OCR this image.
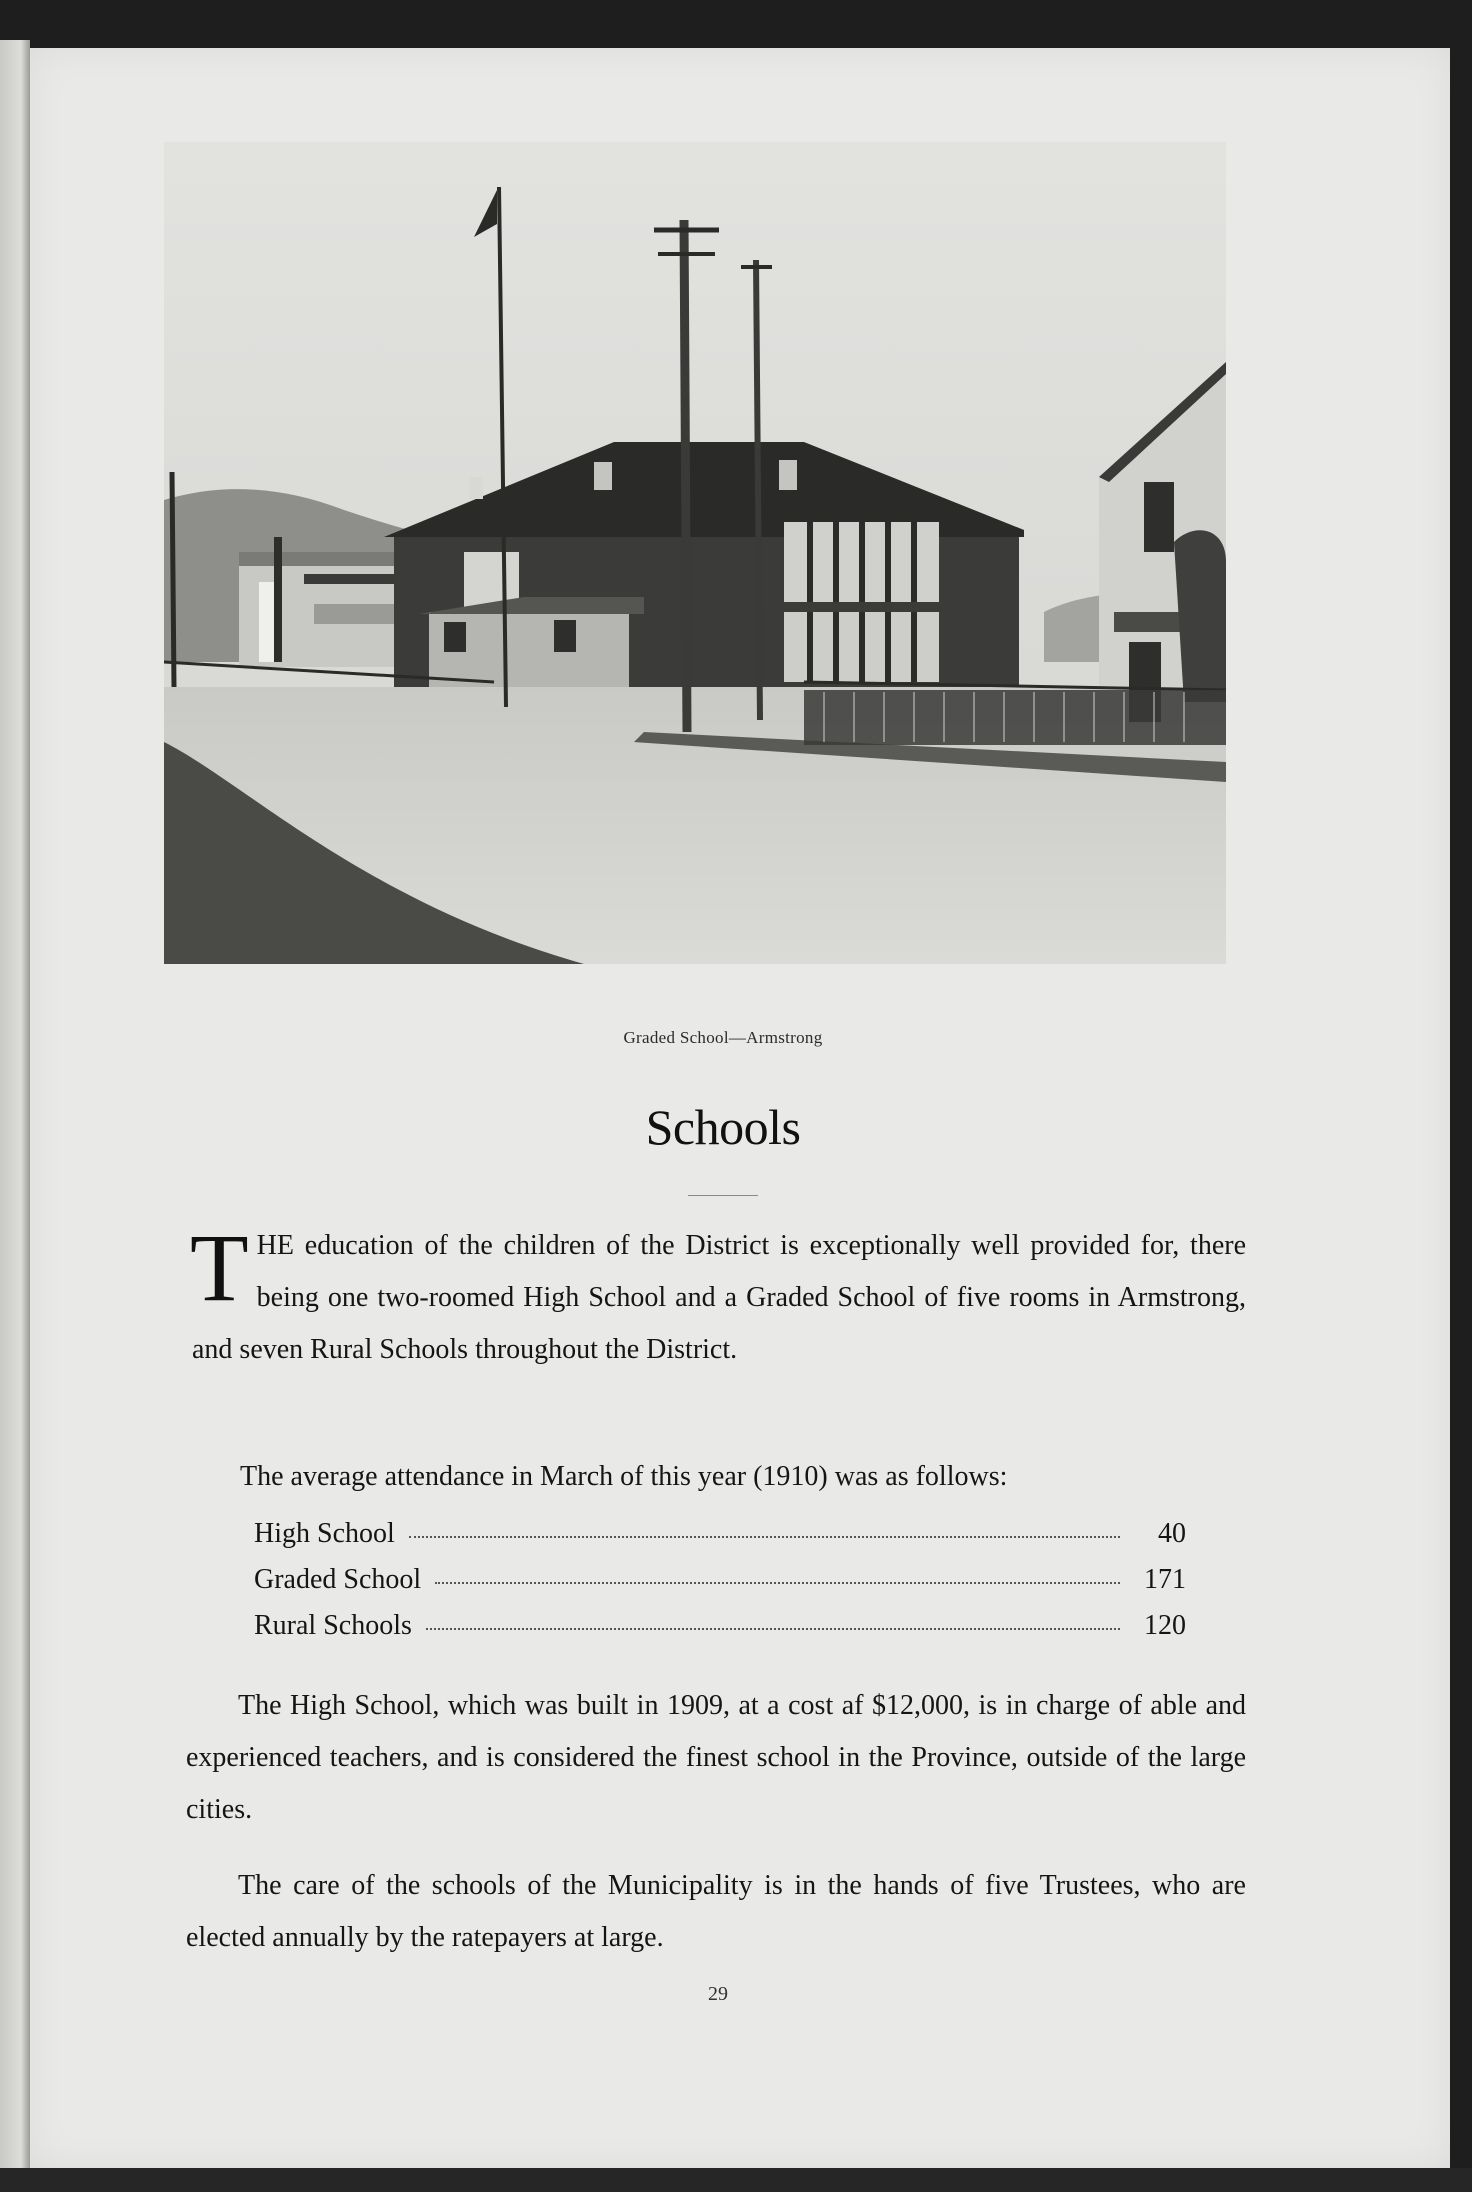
Graded School—Armstrong
Schools
THE education of the children of the District is exceptionally well provided for, there being one two-roomed High School and a Graded School of five rooms in Armstrong, and seven Rural Schools throughout the District.
The average attendance in March of this year (1910) was as follows:
High School	40
Graded School	171
Rural Schools	120
The High School, which was built in 1909, at a cost af $12,000, is in charge of able and experienced teachers, and is considered the finest school in the Province, outside of the large cities.
The care of the schools of the Municipality is in the hands of five Trustees, who are elected annually by the ratepayers at large.
29
